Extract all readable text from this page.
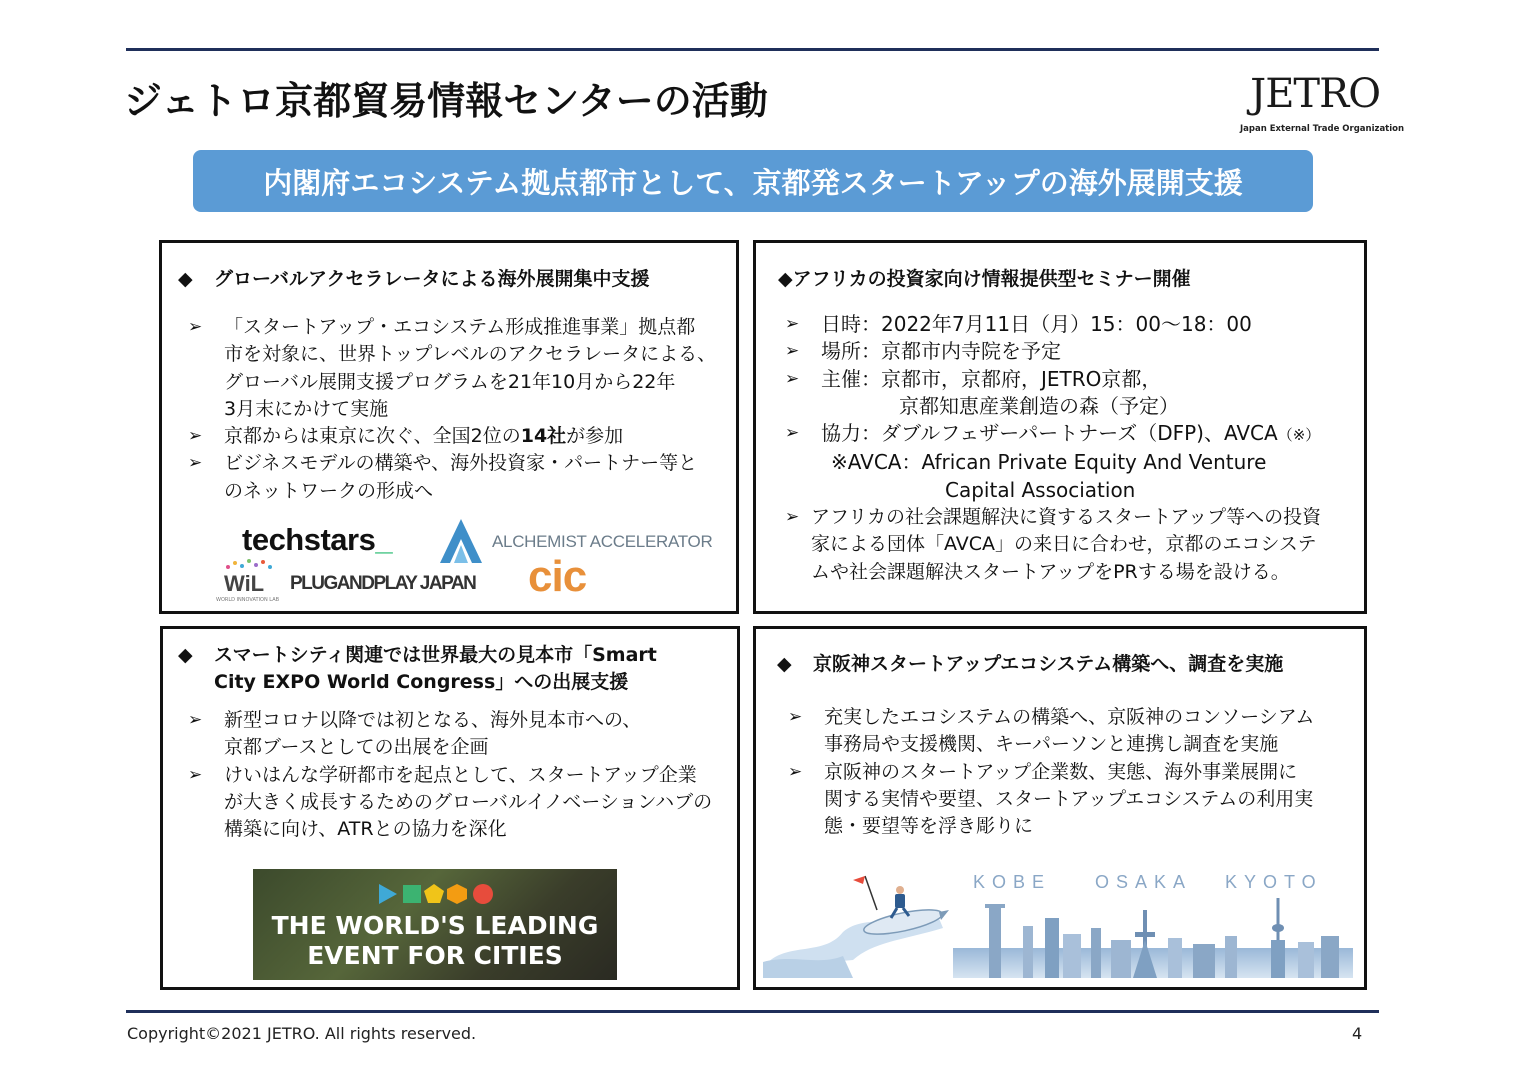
ジェトロ京都貿易情報センターの活動	JETRO
Japan External Trade Organization
内閣府エコシステム拠点都市として、京都発スタートアップの海外展開支援
◆ グローバルアクセラレータによる海外展開集中支援
➢ 「スタートアップ・エコシステム形成推進事業」拠点都
市を対象に、世界トップレベルのアクセラレータによる、
グローバル展開支援プログラムを21年10月から22年
3月末にかけて実施
➢ 京都からは東京に次ぐ、全国2位の14社が参加
➢ ビジネスモデルの構築や、海外投資家・パートナー等と
のネットワークの形成へ
techstars_	ALCHEMIST ACCELERATOR
WiL
WORLD INNOVATION LAB
PLUGANDPLAY JAPAN cic
◆アフリカの投資家向け情報提供型セミナー開催
➢ 日時：2022年7月11日（月）15：00～18：00
➢ 場所：京都市内寺院を予定
➢ 主催：京都市，京都府，JETRO京都，
京都知恵産業創造の森（予定）
➢ 協力：ダブルフェザーパートナーズ（DFP)、AVCA（※）
※AVCA：African Private Equity And Venture
Capital Association
➢ アフリカの社会課題解決に資するスタートアップ等への投資
家による団体「AVCA」の来日に合わせ，京都のエコシステ
ムや社会課題解決スタートアップをPRする場を設ける。
◆ スマートシティ関連では世界最大の見本市「Smart
City EXPO World Congress」への出展支援
➢ 新型コロナ以降では初となる、海外見本市への、
京都ブースとしての出展を企画
➢ けいはんな学研都市を起点として、スタートアップ企業
が大きく成長するためのグローバルイノベーションハブの
構築に向け、ATRとの協力を深化
THE WORLD'S LEADING
EVENT FOR CITIES
◆ 京阪神スタートアップエコシステム構築へ、調査を実施
➢ 充実したエコシステムの構築へ、京阪神のコンソーシアム
事務局や支援機関、キーパーソンと連携し調査を実施
➢ 京阪神のスタートアップ企業数、実態、海外事業展開に
関する実情や要望、スタートアップエコシステムの利用実
態・要望等を浮き彫りに
KOBE OSAKA KYOTO
Copyright©2021 JETRO. All rights reserved.	4
